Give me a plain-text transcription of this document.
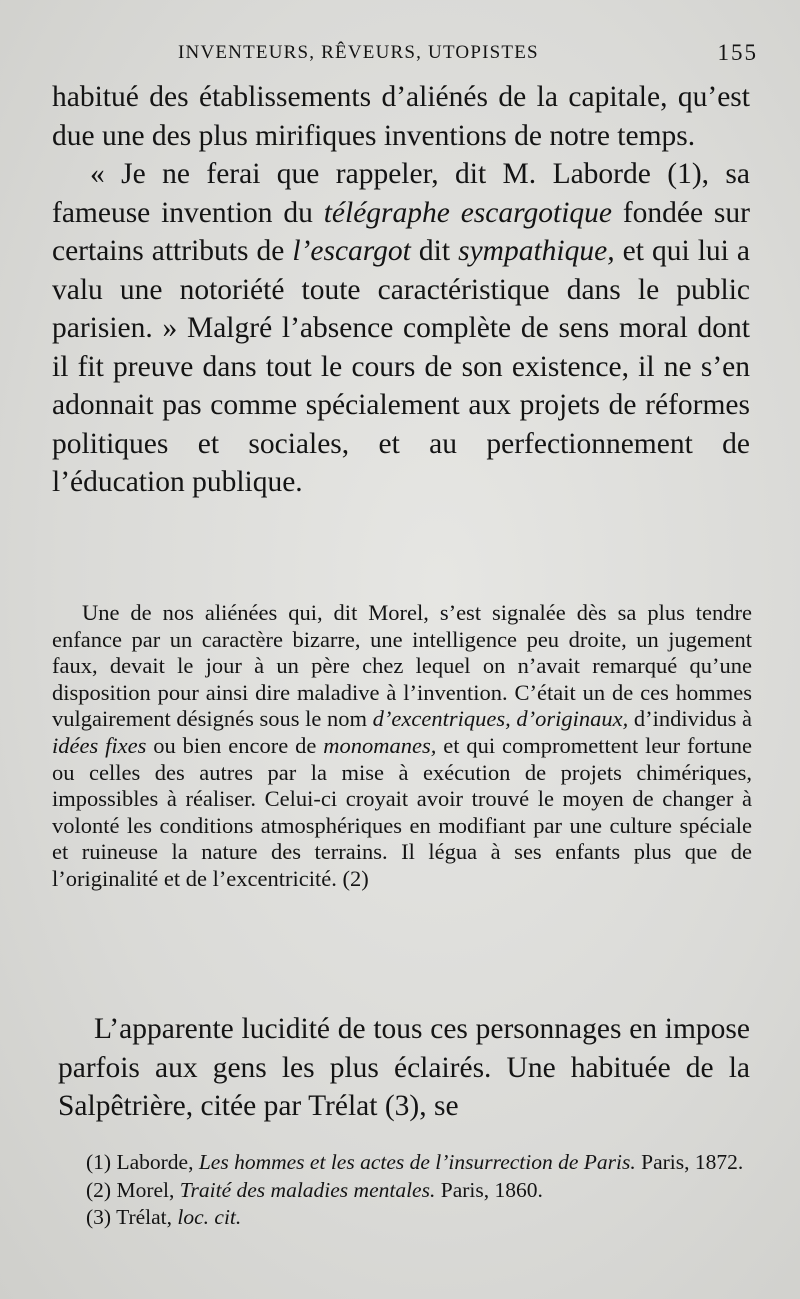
INVENTEURS, RÊVEURS, UTOPISTES	155

habitué des établissements d’aliénés de la capitale, qu’est due une des plus mirifiques inventions de notre temps.

« Je ne ferai que rappeler, dit M. Laborde (1), sa fameuse invention du télégraphe escargotique fondée sur certains attributs de l’escargot dit sympathique, et qui lui a valu une notoriété toute caractéristique dans le public parisien. » Malgré l’absence complète de sens moral dont il fit preuve dans tout le cours de son existence, il ne s’en adonnait pas comme spécialement aux projets de réformes politiques et sociales, et au perfectionnement de l’éducation publique.

Une de nos aliénées qui, dit Morel, s’est signalée dès sa plus tendre enfance par un caractère bizarre, une intelligence peu droite, un jugement faux, devait le jour à un père chez lequel on n’avait remarqué qu’une disposition pour ainsi dire maladive à l’invention. C’était un de ces hommes vulgairement désignés sous le nom d’excentriques, d’originaux, d’individus à idées fixes ou bien encore de monomanes, et qui compromettent leur fortune ou celles des autres par la mise à exécution de projets chimériques, impossibles à réaliser. Celui-ci croyait avoir trouvé le moyen de changer à volonté les conditions atmosphériques en modifiant par une culture spéciale et ruineuse la nature des terrains. Il légua à ses enfants plus que de l’originalité et de l’excentricité. (2)

L’apparente lucidité de tous ces personnages en impose parfois aux gens les plus éclairés. Une habituée de la Salpêtrière, citée par Trélat (3), se

(1) Laborde, Les hommes et les actes de l’insurrection de Paris. Paris, 1872.
(2) Morel, Traité des maladies mentales. Paris, 1860.
(3) Trélat, loc. cit.
